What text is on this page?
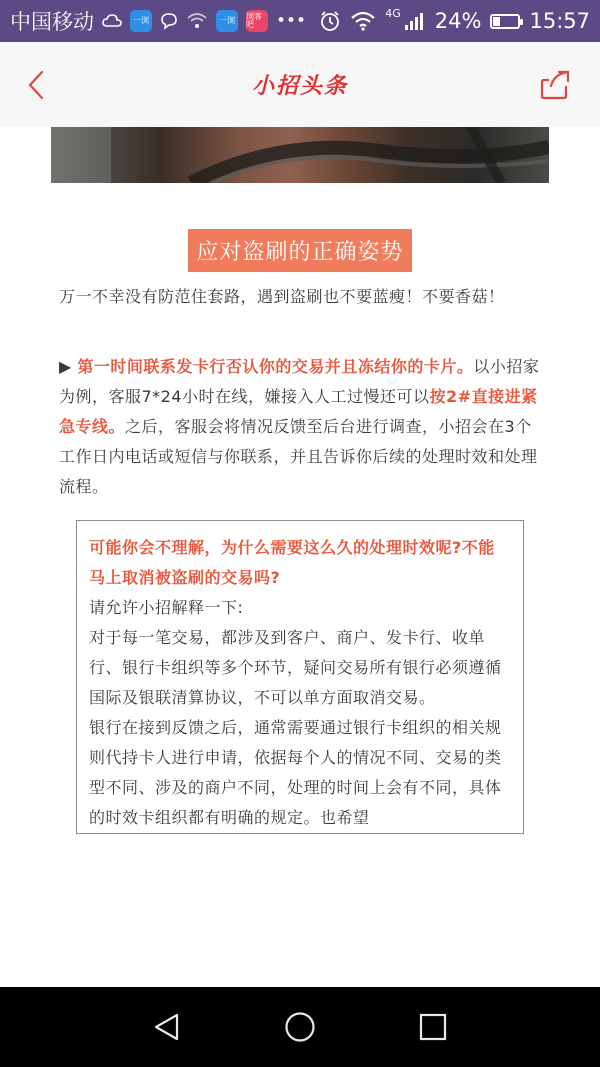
中国移动	一浏	一浏	浏客吧	•••	4G 24% 15:57
小招头条
应对盗刷的正确姿势

万一不幸没有防范住套路，遇到盗刷也不要蓝瘦！不要香菇！

▶ 第一时间联系发卡行否认你的交易并且冻结你的卡片。以小招家为例，客服7*24小时在线，嫌接入人工过慢还可以按2#直接进紧急专线。之后，客服会将情况反馈至后台进行调查，小招会在3个工作日内电话或短信与你联系，并且告诉你后续的处理时效和处理流程。

可能你会不理解，为什么需要这么久的处理时效呢?不能马上取消被盗刷的交易吗?

请允许小招解释一下:

对于每一笔交易，都涉及到客户、商户、发卡行、收单行、银行卡组织等多个环节，疑问交易所有银行必须遵循国际及银联清算协议，不可以单方面取消交易。

银行在接到反馈之后，通常需要通过银行卡组织的相关规则代持卡人进行申请，依据每个人的情况不同、交易的类型不同、涉及的商户不同，处理的时间上会有不同，具体的时效卡组织都有明确的规定。也希望
